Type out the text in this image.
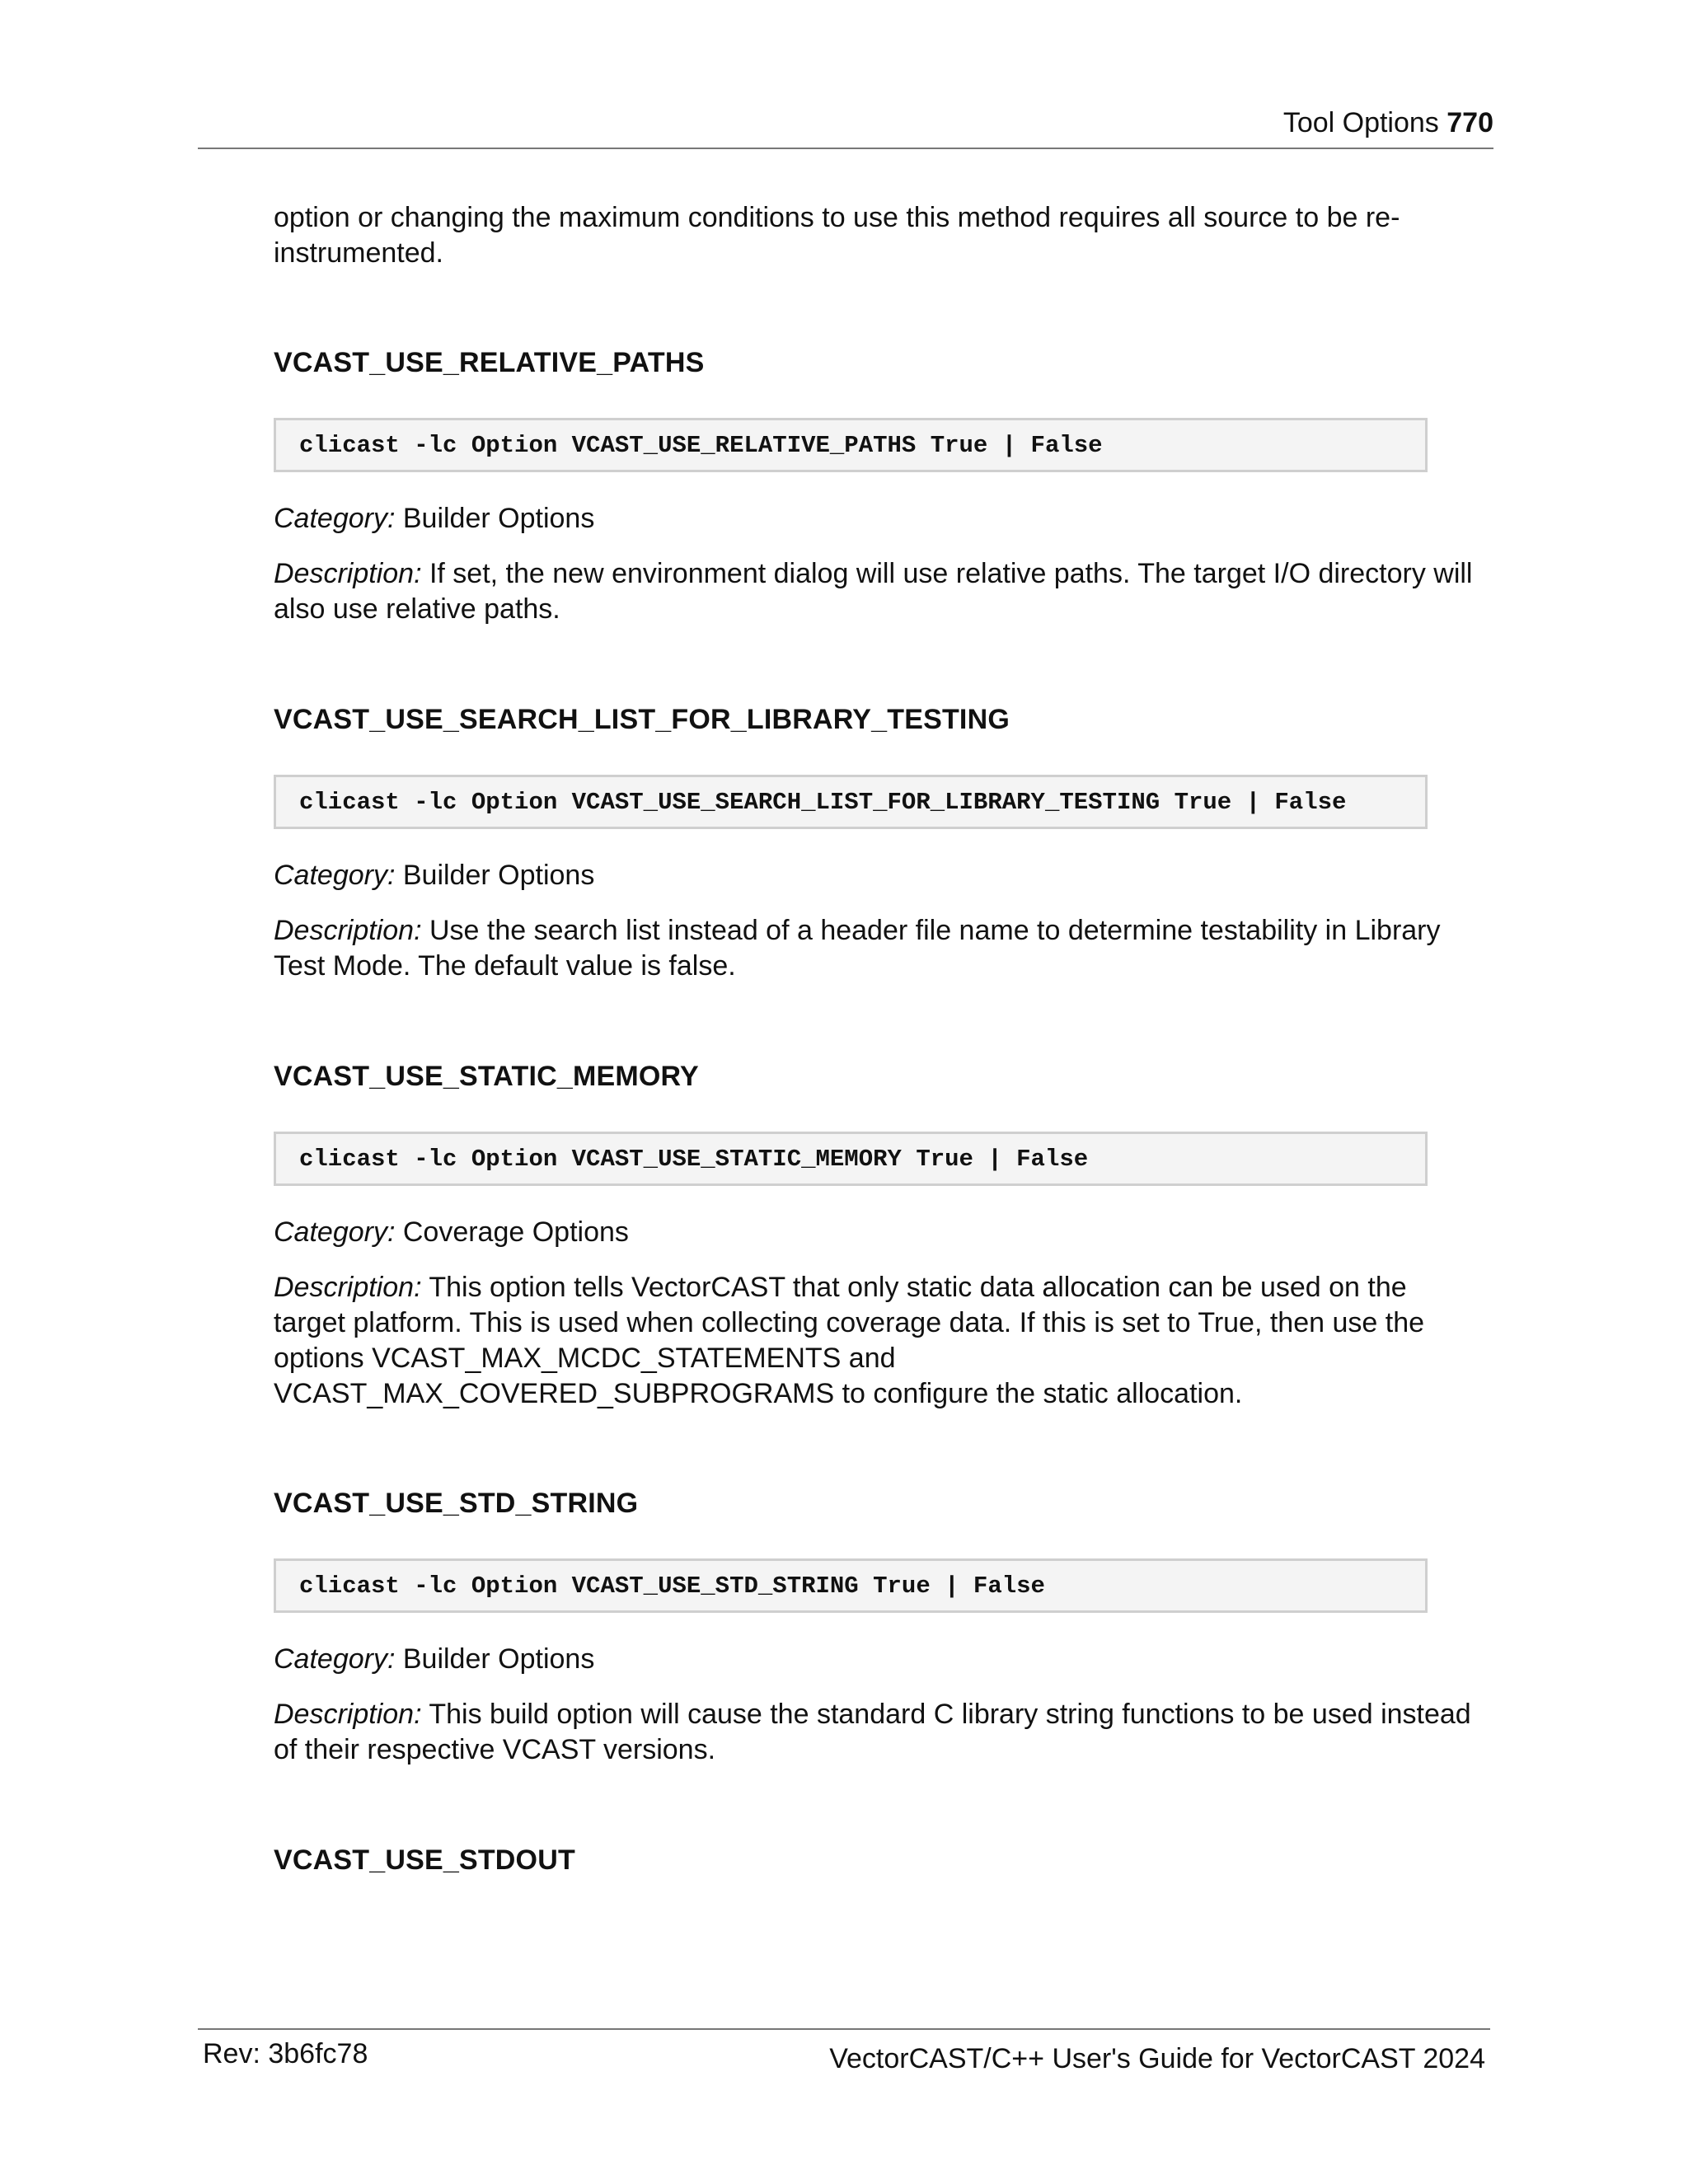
Tool Options 770

option or changing the maximum conditions to use this method requires all source to be re-instrumented.

VCAST_USE_RELATIVE_PATHS
clicast -lc Option VCAST_USE_RELATIVE_PATHS True | False

Category: Builder Options

Description: If set, the new environment dialog will use relative paths. The target I/O directory will also use relative paths.

VCAST_USE_SEARCH_LIST_FOR_LIBRARY_TESTING
clicast -lc Option VCAST_USE_SEARCH_LIST_FOR_LIBRARY_TESTING True | False

Category: Builder Options

Description: Use the search list instead of a header file name to determine testability in Library Test Mode. The default value is false.

VCAST_USE_STATIC_MEMORY
clicast -lc Option VCAST_USE_STATIC_MEMORY True | False

Category: Coverage Options

Description: This option tells VectorCAST that only static data allocation can be used on the target platform. This is used when collecting coverage data. If this is set to True, then use the options VCAST_MAX_MCDC_STATEMENTS and VCAST_MAX_COVERED_SUBPROGRAMS to configure the static allocation.

VCAST_USE_STD_STRING
clicast -lc Option VCAST_USE_STD_STRING True | False

Category: Builder Options

Description: This build option will cause the standard C library string functions to be used instead of their respective VCAST versions.

VCAST_USE_STDOUT
Rev: 3b6fc78	VectorCAST/C++ User's Guide for VectorCAST 2024
